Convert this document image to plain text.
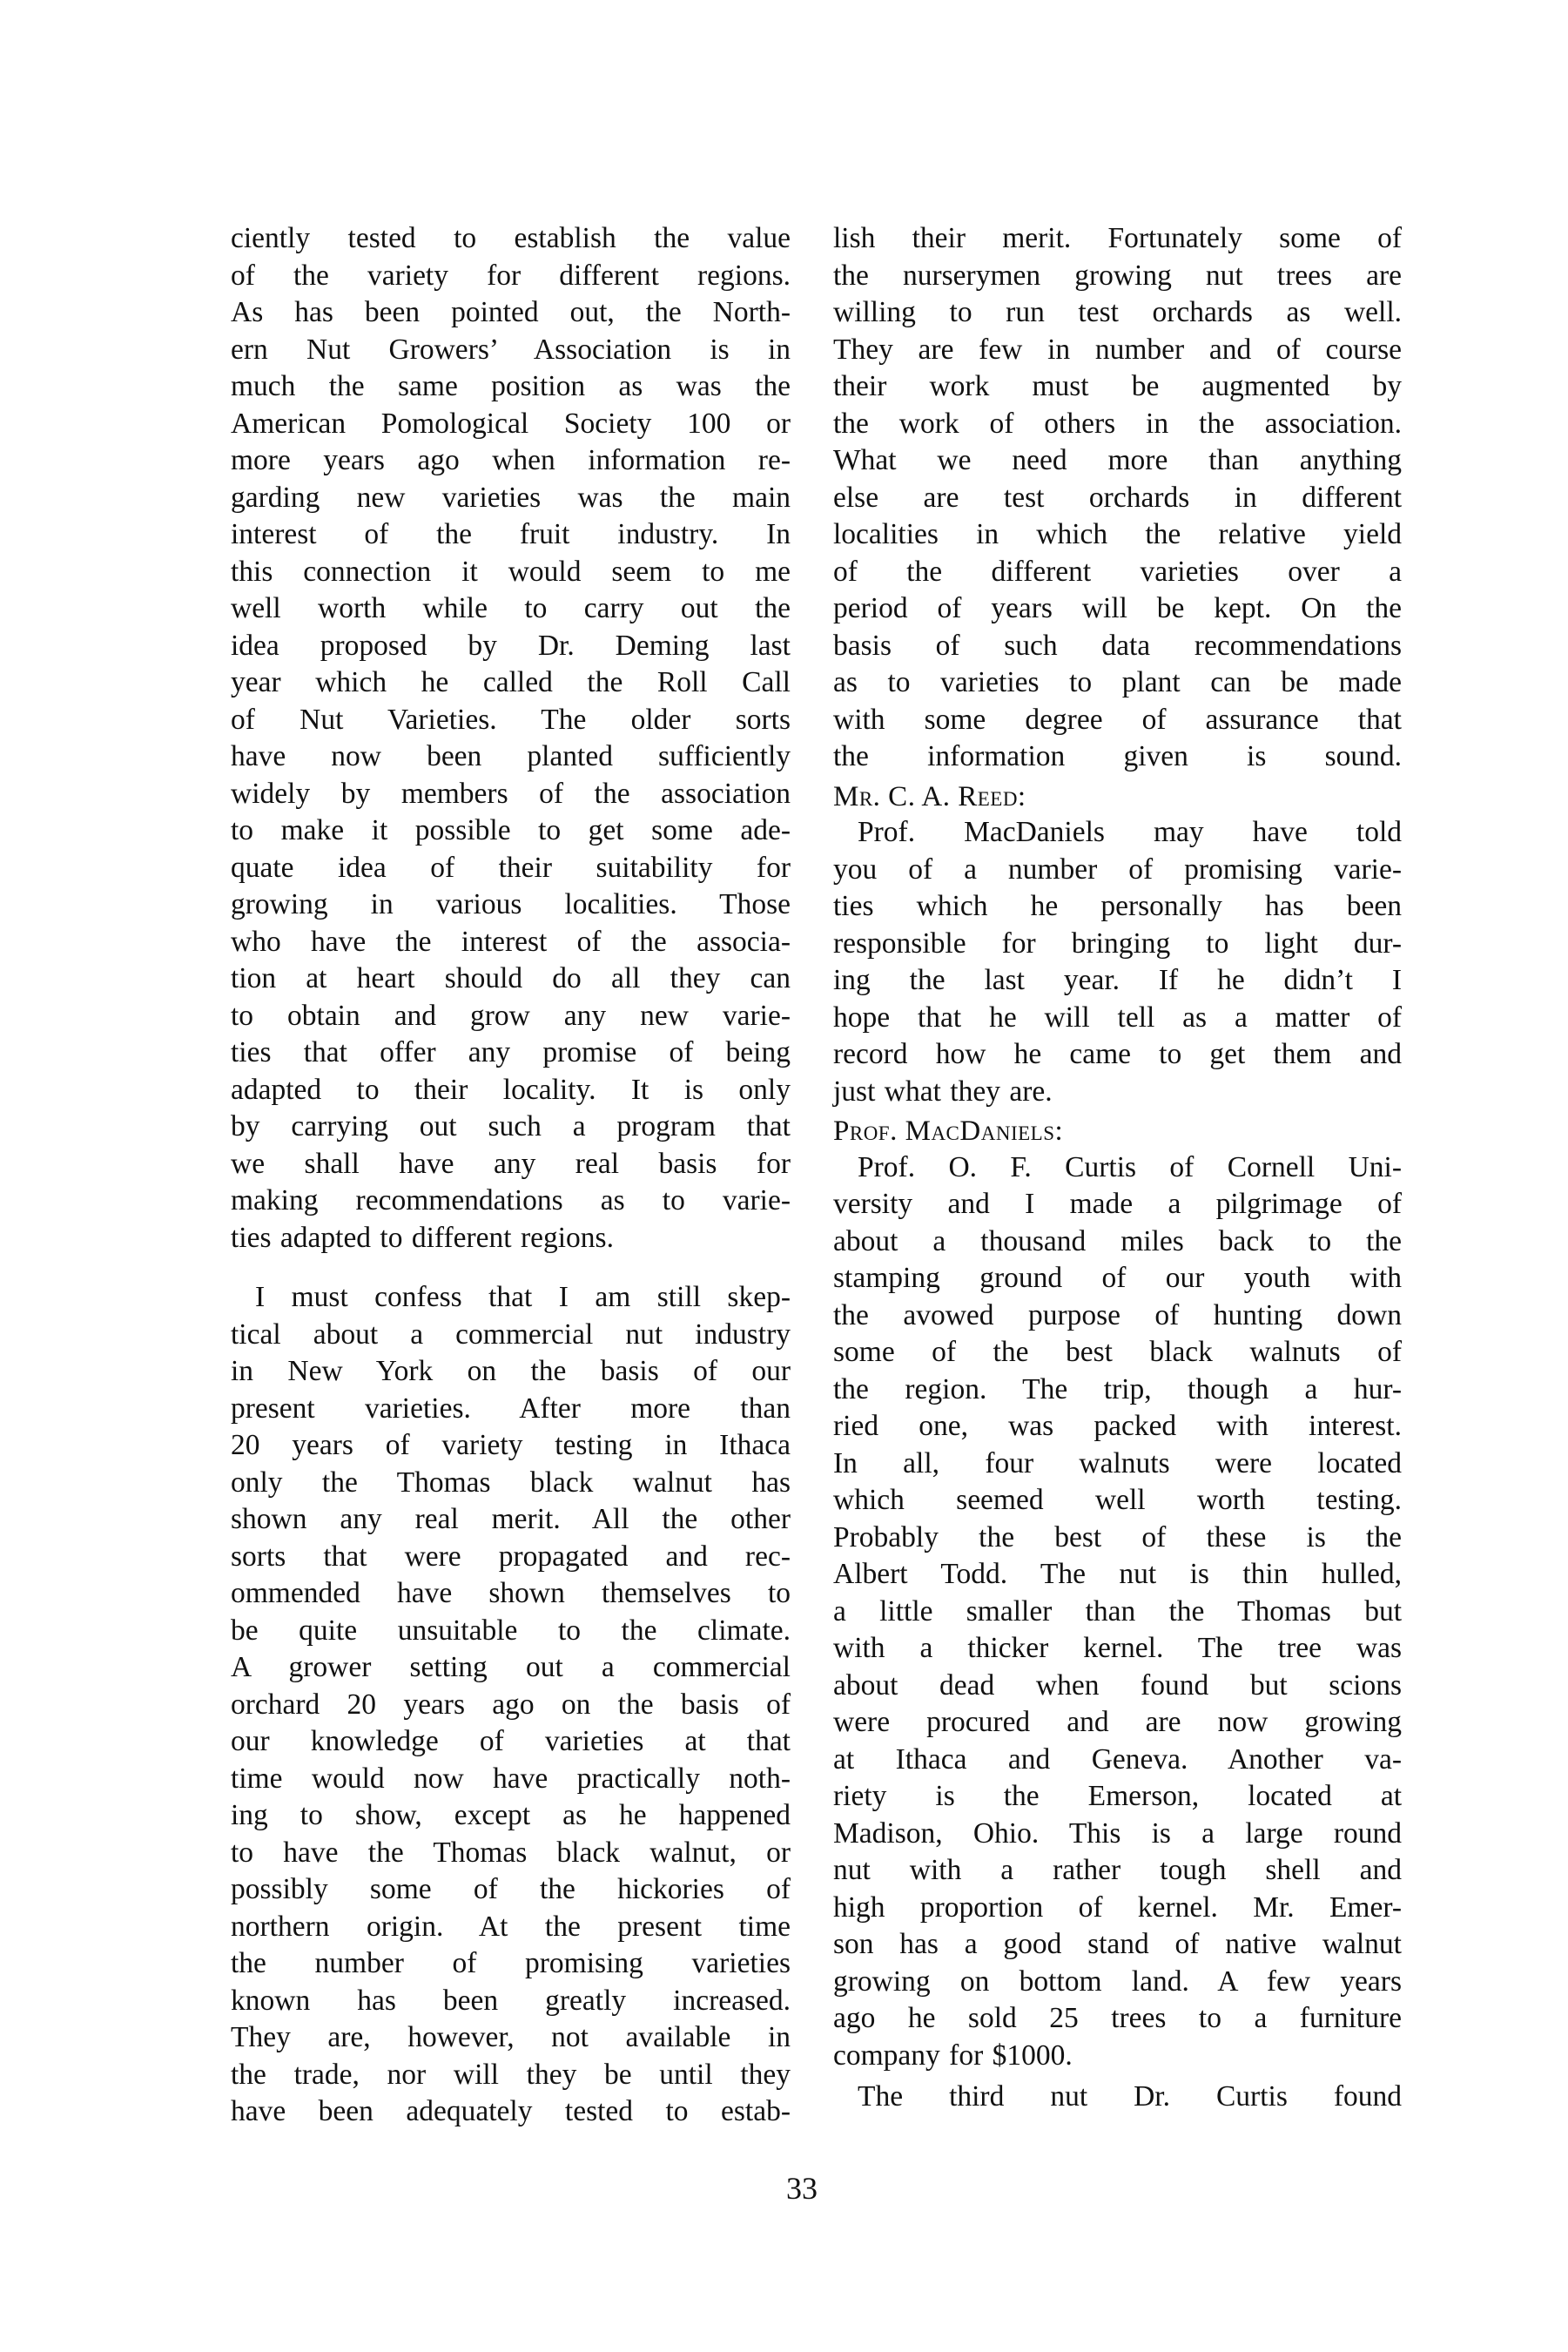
ciently tested to establish the value
of the variety for different regions.
As has been pointed out, the North-
ern Nut Growers’ Association is in
much the same position as was the
American Pomological Society 100 or
more years ago when information re-
garding new varieties was the main
interest of the fruit industry. In
this connection it would seem to me
well worth while to carry out the
idea proposed by Dr. Deming last
year which he called the Roll Call
of Nut Varieties. The older sorts
have now been planted sufficiently
widely by members of the association
to make it possible to get some ade-
quate idea of their suitability for
growing in various localities. Those
who have the interest of the associa-
tion at heart should do all they can
to obtain and grow any new varie-
ties that offer any promise of being
adapted to their locality. It is only
by carrying out such a program that
we shall have any real basis for
making recommendations as to varie-
ties adapted to different regions.
I must confess that I am still skep-
tical about a commercial nut industry
in New York on the basis of our
present varieties. After more than
20 years of variety testing in Ithaca
only the Thomas black walnut has
shown any real merit. All the other
sorts that were propagated and rec-
ommended have shown themselves to
be quite unsuitable to the climate.
A grower setting out a commercial
orchard 20 years ago on the basis of
our knowledge of varieties at that
time would now have practically noth-
ing to show, except as he happened
to have the Thomas black walnut, or
possibly some of the hickories of
northern origin. At the present time
the number of promising varieties
known has been greatly increased.
They are, however, not available in
the trade, nor will they be until they
have been adequately tested to estab-
lish their merit. Fortunately some of
the nurserymen growing nut trees are
willing to run test orchards as well.
They are few in number and of course
their work must be augmented by
the work of others in the association.
What we need more than anything
else are test orchards in different
localities in which the relative yield
of the different varieties over a
period of years will be kept. On the
basis of such data recommendations
as to varieties to plant can be made
with some degree of assurance that
the information given is sound.
Mr. C. A. Reed:
Prof. MacDaniels may have told
you of a number of promising varie-
ties which he personally has been
responsible for bringing to light dur-
ing the last year. If he didn’t I
hope that he will tell as a matter of
record how he came to get them and
just what they are.
Prof. MacDaniels:
Prof. O. F. Curtis of Cornell Uni-
versity and I made a pilgrimage of
about a thousand miles back to the
stamping ground of our youth with
the avowed purpose of hunting down
some of the best black walnuts of
the region. The trip, though a hur-
ried one, was packed with interest.
In all, four walnuts were located
which seemed well worth testing.
Probably the best of these is the
Albert Todd. The nut is thin hulled,
a little smaller than the Thomas but
with a thicker kernel. The tree was
about dead when found but scions
were procured and are now growing
at Ithaca and Geneva. Another va-
riety is the Emerson, located at
Madison, Ohio. This is a large round
nut with a rather tough shell and
high proportion of kernel. Mr. Emer-
son has a good stand of native walnut
growing on bottom land. A few years
ago he sold 25 trees to a furniture
company for $1000.
The third nut Dr. Curtis found
33
